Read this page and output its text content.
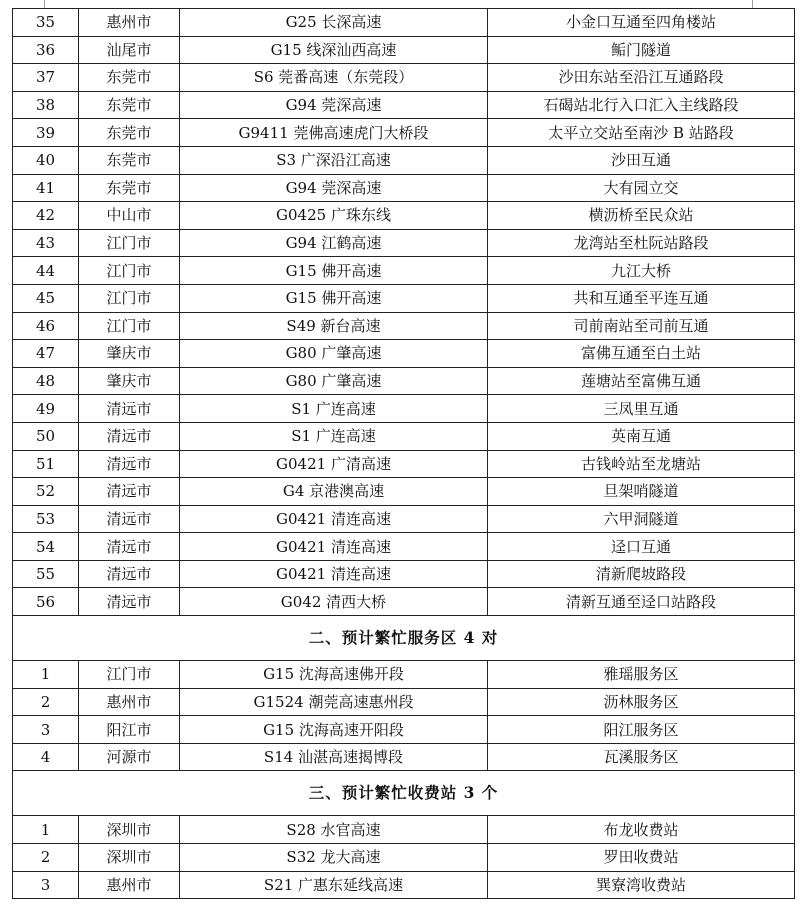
35	惠州市	G25 长深高速	小金口互通至四角楼站
36	汕尾市	G15 线深汕西高速	鲘门隧道
37	东莞市	S6 莞番高速（东莞段）	沙田东站至沿江互通路段
38	东莞市	G94 莞深高速	石碣站北行入口汇入主线路段
39	东莞市	G9411 莞佛高速虎门大桥段	太平立交站至南沙 B 站路段
40	东莞市	S3 广深沿江高速	沙田互通
41	东莞市	G94 莞深高速	大有园立交
42	中山市	G0425 广珠东线	横沥桥至民众站
43	江门市	G94 江鹤高速	龙湾站至杜阮站路段
44	江门市	G15 佛开高速	九江大桥
45	江门市	G15 佛开高速	共和互通至平连互通
46	江门市	S49 新台高速	司前南站至司前互通
47	肇庆市	G80 广肇高速	富佛互通至白土站
48	肇庆市	G80 广肇高速	莲塘站至富佛互通
49	清远市	S1 广连高速	三凤里互通
50	清远市	S1 广连高速	英南互通
51	清远市	G0421 广清高速	古钱岭站至龙塘站
52	清远市	G4 京港澳高速	旦架哨隧道
53	清远市	G0421 清连高速	六甲洞隧道
54	清远市	G0421 清连高速	迳口互通
55	清远市	G0421 清连高速	清新爬坡路段
56	清远市	G042 清西大桥	清新互通至迳口站路段
二、预计繁忙服务区 4 对			
1	江门市	G15 沈海高速佛开段	雅瑶服务区
2	惠州市	G1524 潮莞高速惠州段	沥林服务区
3	阳江市	G15 沈海高速开阳段	阳江服务区
4	河源市	S14 汕湛高速揭博段	瓦溪服务区
三、预计繁忙收费站 3 个			
1	深圳市	S28 水官高速	布龙收费站
2	深圳市	S32 龙大高速	罗田收费站
3	惠州市	S21 广惠东延线高速	巽寮湾收费站
